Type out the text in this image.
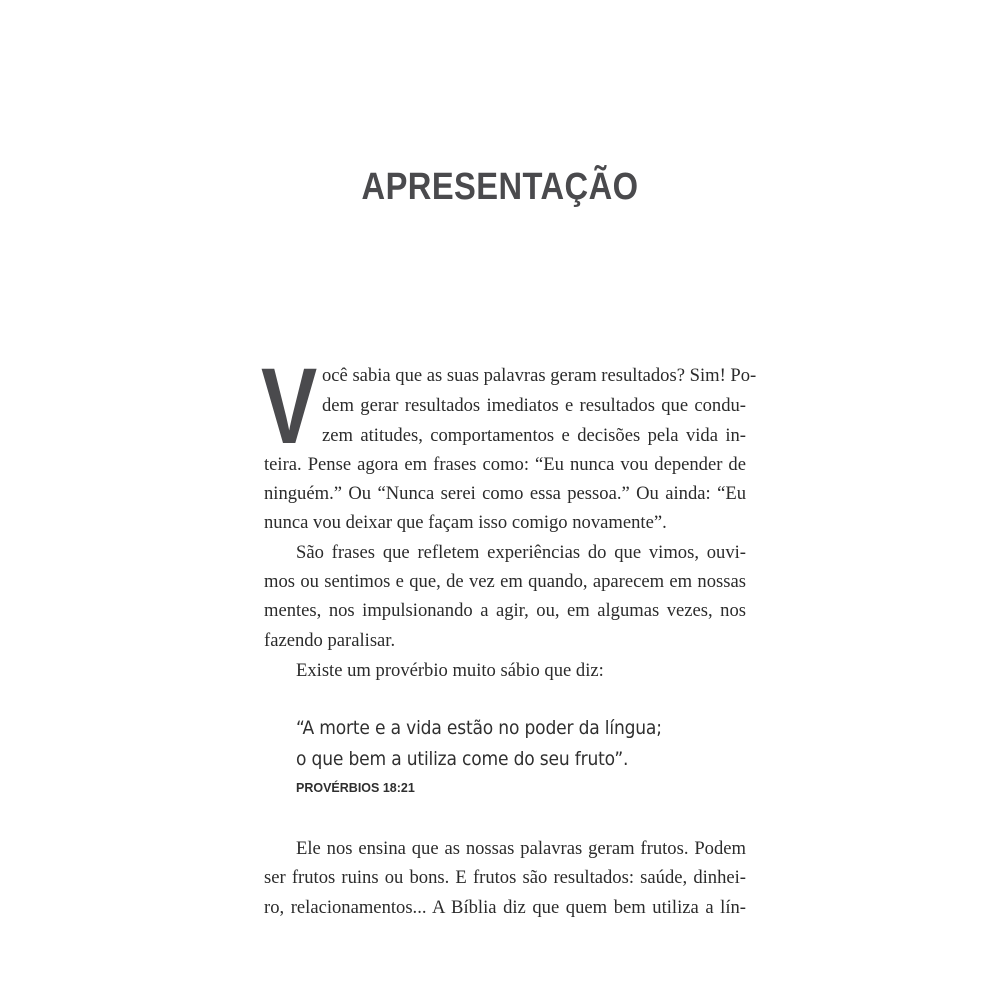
APRESENTAÇÃO
V ocê sabia que as suas palavras geram resultados? Sim! Po-
dem gerar resultados imediatos e resultados que condu-
zem atitudes, comportamentos e decisões pela vida in-
teira. Pense agora em frases como: “Eu nunca vou depender de
ninguém.” Ou “Nunca serei como essa pessoa.” Ou ainda: “Eu
nunca vou deixar que façam isso comigo novamente”.
São frases que refletem experiências do que vimos, ouvi-
mos ou sentimos e que, de vez em quando, aparecem em nossas
mentes, nos impulsionando a agir, ou, em algumas vezes, nos
fazendo paralisar.
Existe um provérbio muito sábio que diz:
“A morte e a vida estão no poder da língua;
o que bem a utiliza come do seu fruto”.
PROVÉRBIOS 18:21
Ele nos ensina que as nossas palavras geram frutos. Podem
ser frutos ruins ou bons. E frutos são resultados: saúde, dinhei-
ro, relacionamentos... A Bíblia diz que quem bem utiliza a lín-
